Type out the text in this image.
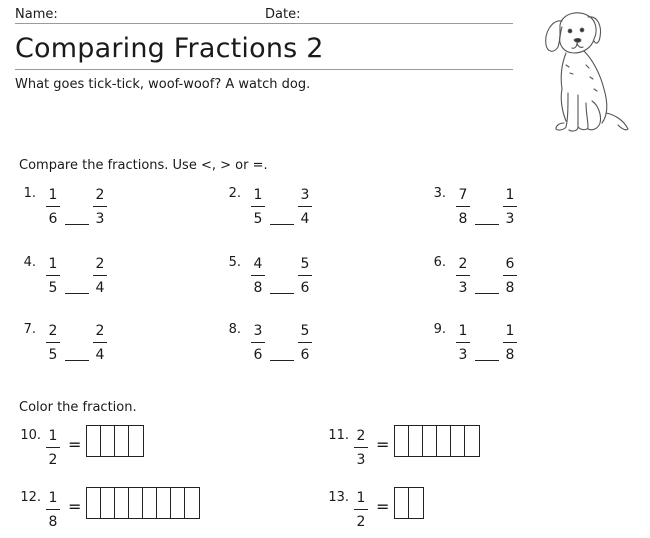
Name:	Date:
Comparing Fractions 2
What goes tick-tick, woof-woof? A watch dog.
Compare the fractions. Use <, > or =.
1. 1
6
2
3
2. 1
5
3
4
3. 7
8
1
3
4. 1
5
2
4
5. 4
8
5
6
6. 2
3
6
8
7. 2
5
2
4
8. 3
6
5
6
9. 1
3
1
8
Color the fraction.
10. 1
2
=	11. 2
3
=
12. 1
8
=	13. 1
2
=
